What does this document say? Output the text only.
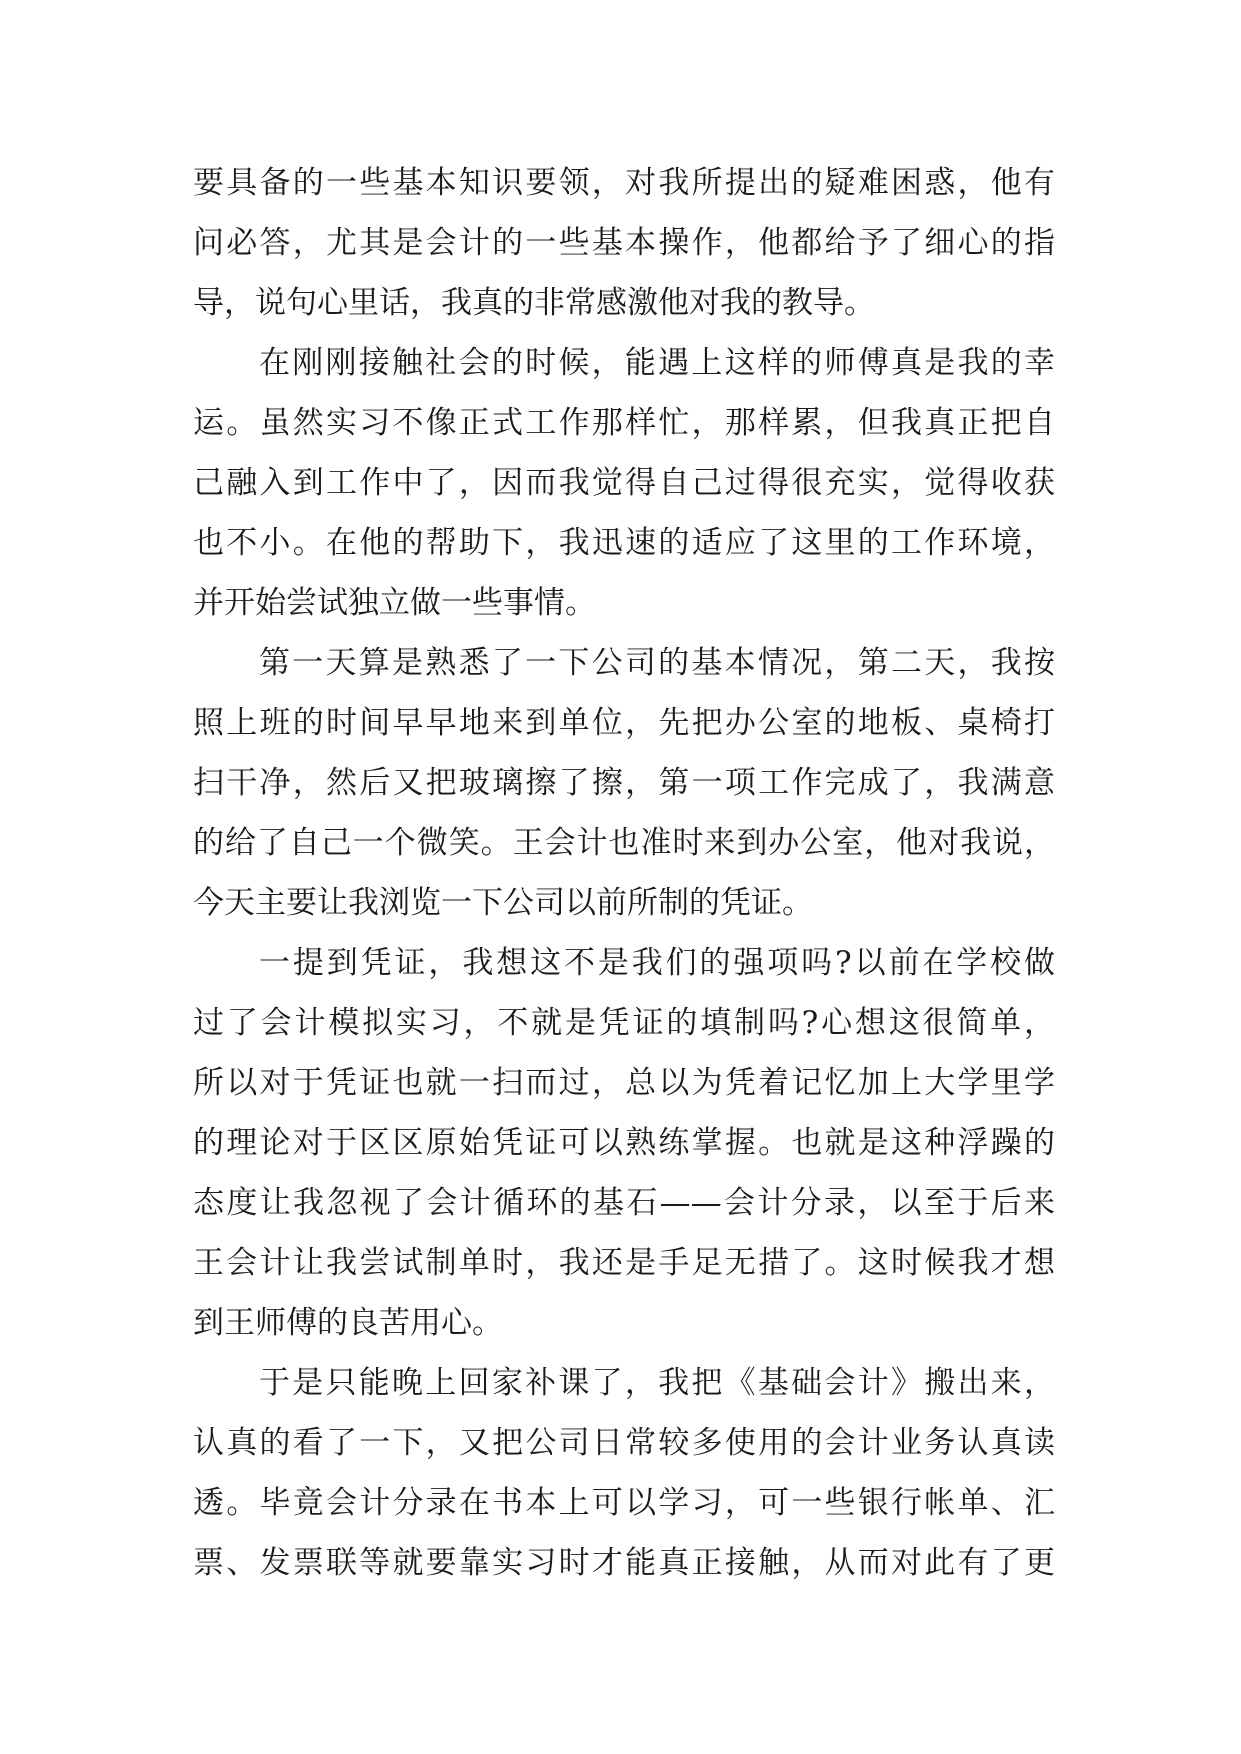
要具备的一些基本知识要领，对我所提出的疑难困惑，他有
问必答，尤其是会计的一些基本操作，他都给予了细心的指
导，说句心里话，我真的非常感激他对我的教导。
在刚刚接触社会的时候，能遇上这样的师傅真是我的幸
运。虽然实习不像正式工作那样忙，那样累，但我真正把自
己融入到工作中了，因而我觉得自己过得很充实，觉得收获
也不小。在他的帮助下，我迅速的适应了这里的工作环境，
并开始尝试独立做一些事情。
第一天算是熟悉了一下公司的基本情况，第二天，我按
照上班的时间早早地来到单位，先把办公室的地板、桌椅打
扫干净，然后又把玻璃擦了擦，第一项工作完成了，我满意
的给了自己一个微笑。王会计也准时来到办公室，他对我说，
今天主要让我浏览一下公司以前所制的凭证。
一提到凭证，我想这不是我们的强项吗?以前在学校做
过了会计模拟实习，不就是凭证的填制吗?心想这很简单，
所以对于凭证也就一扫而过，总以为凭着记忆加上大学里学
的理论对于区区原始凭证可以熟练掌握。也就是这种浮躁的
态度让我忽视了会计循环的基石——会计分录，以至于后来
王会计让我尝试制单时，我还是手足无措了。这时候我才想
到王师傅的良苦用心。
于是只能晚上回家补课了，我把《基础会计》搬出来，
认真的看了一下，又把公司日常较多使用的会计业务认真读
透。毕竟会计分录在书本上可以学习，可一些银行帐单、汇
票、发票联等就要靠实习时才能真正接触，从而对此有了更
